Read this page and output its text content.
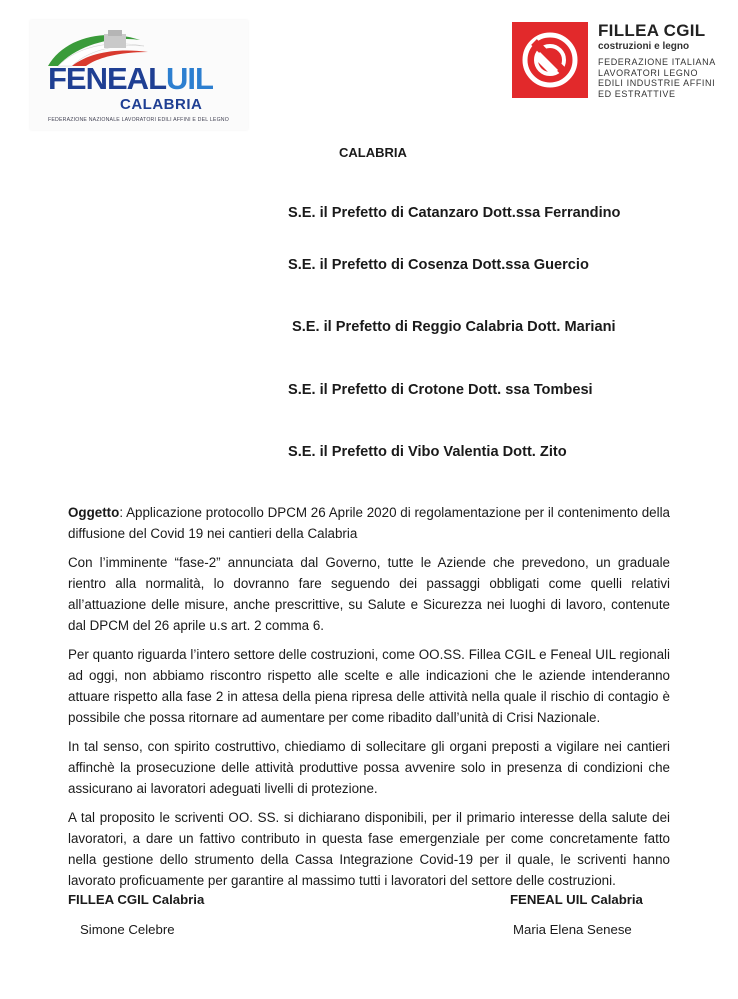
FENEALUIL
CALABRIA
FEDERAZIONE NAZIONALE LAVORATORI EDILI AFFINI E DEL LEGNO
FILLEA CGIL
costruzioni e legno
FEDERAZIONE ITALIANA
LAVORATORI LEGNO
EDILI INDUSTRIE AFFINI
ED ESTRATTIVE
CALABRIA
S.E. il Prefetto di Catanzaro Dott.ssa Ferrandino
S.E. il Prefetto di Cosenza Dott.ssa Guercio
S.E. il Prefetto di Reggio Calabria Dott. Mariani
S.E. il Prefetto di Crotone Dott. ssa Tombesi
S.E. il Prefetto di Vibo Valentia Dott. Zito

Oggetto: Applicazione protocollo DPCM 26 Aprile 2020 di regolamentazione per il contenimento della diffusione del Covid 19 nei cantieri della Calabria

Con l’imminente “fase-2” annunciata dal Governo, tutte le Aziende che prevedono, un graduale rientro alla normalità, lo dovranno fare seguendo dei passaggi obbligati come quelli relativi all’attuazione delle misure, anche prescrittive, su Salute e Sicurezza nei luoghi di lavoro, contenute dal DPCM del 26 aprile u.s art. 2 comma 6.

Per quanto riguarda l’intero settore delle costruzioni, come OO.SS. Fillea CGIL e Feneal UIL regionali ad oggi, non abbiamo riscontro rispetto alle scelte e alle indicazioni che le aziende intenderanno attuare rispetto alla fase 2 in attesa della piena ripresa delle attività nella quale il rischio di contagio è possibile che possa ritornare ad aumentare per come ribadito dall’unità di Crisi Nazionale.

In tal senso, con spirito costruttivo, chiediamo di sollecitare gli organi preposti a vigilare nei cantieri affinchè la prosecuzione delle attività produttive possa avvenire solo in presenza di condizioni che assicurano ai lavoratori adeguati livelli di protezione.

A tal proposito le scriventi OO. SS. si dichiarano disponibili, per il primario interesse della salute dei lavoratori, a dare un fattivo contributo in questa fase emergenziale per come concretamente fatto nella gestione dello strumento della Cassa Integrazione Covid-19 per il quale, le scriventi hanno lavorato proficuamente per garantire al massimo tutti i lavoratori del settore delle costruzioni.

FILLEA CGIL Calabria
Simone Celebre
FENEAL UIL Calabria
Maria Elena Senese
